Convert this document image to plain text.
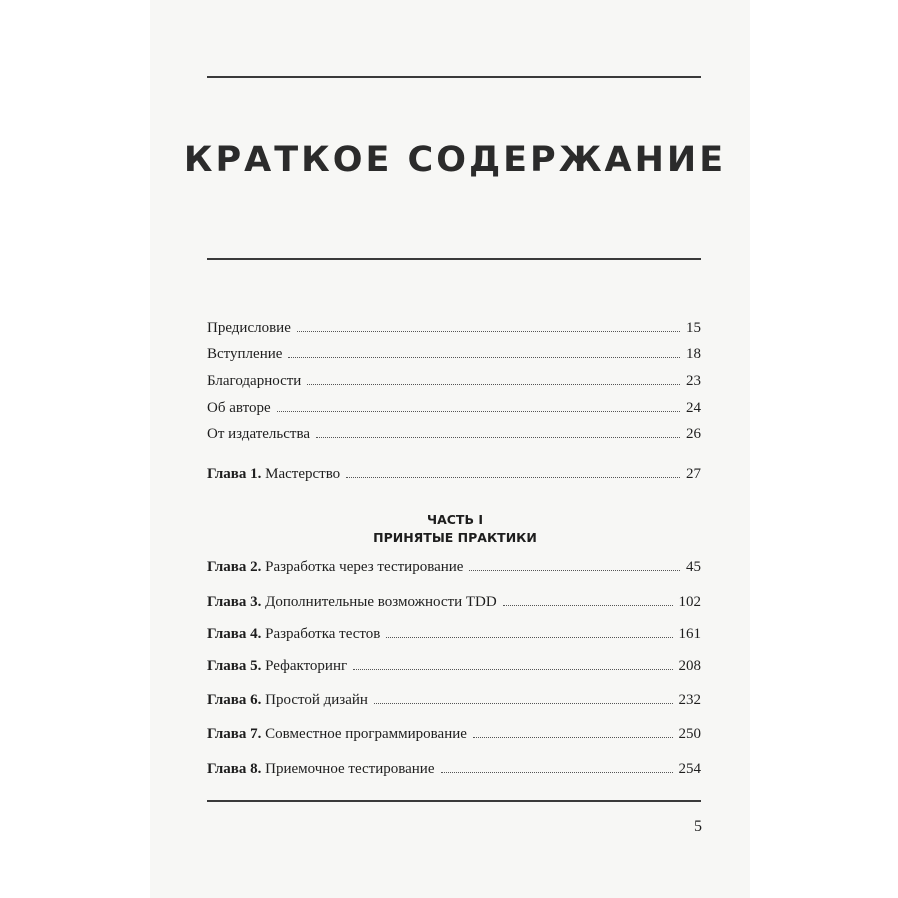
КРАТКОЕ СОДЕРЖАНИЕ
Предисловие	15
Вступление	18
Благодарности	23
Об авторе	24
От издательства	26
Глава 1. Мастерство	27
ЧАСТЬ I
ПРИНЯТЫЕ ПРАКТИКИ
Глава 2. Разработка через тестирование	45
Глава 3. Дополнительные возможности TDD	102
Глава 4. Разработка тестов	161
Глава 5. Рефакторинг	208
Глава 6. Простой дизайн	232
Глава 7. Совместное программирование	250
Глава 8. Приемочное тестирование	254
5
